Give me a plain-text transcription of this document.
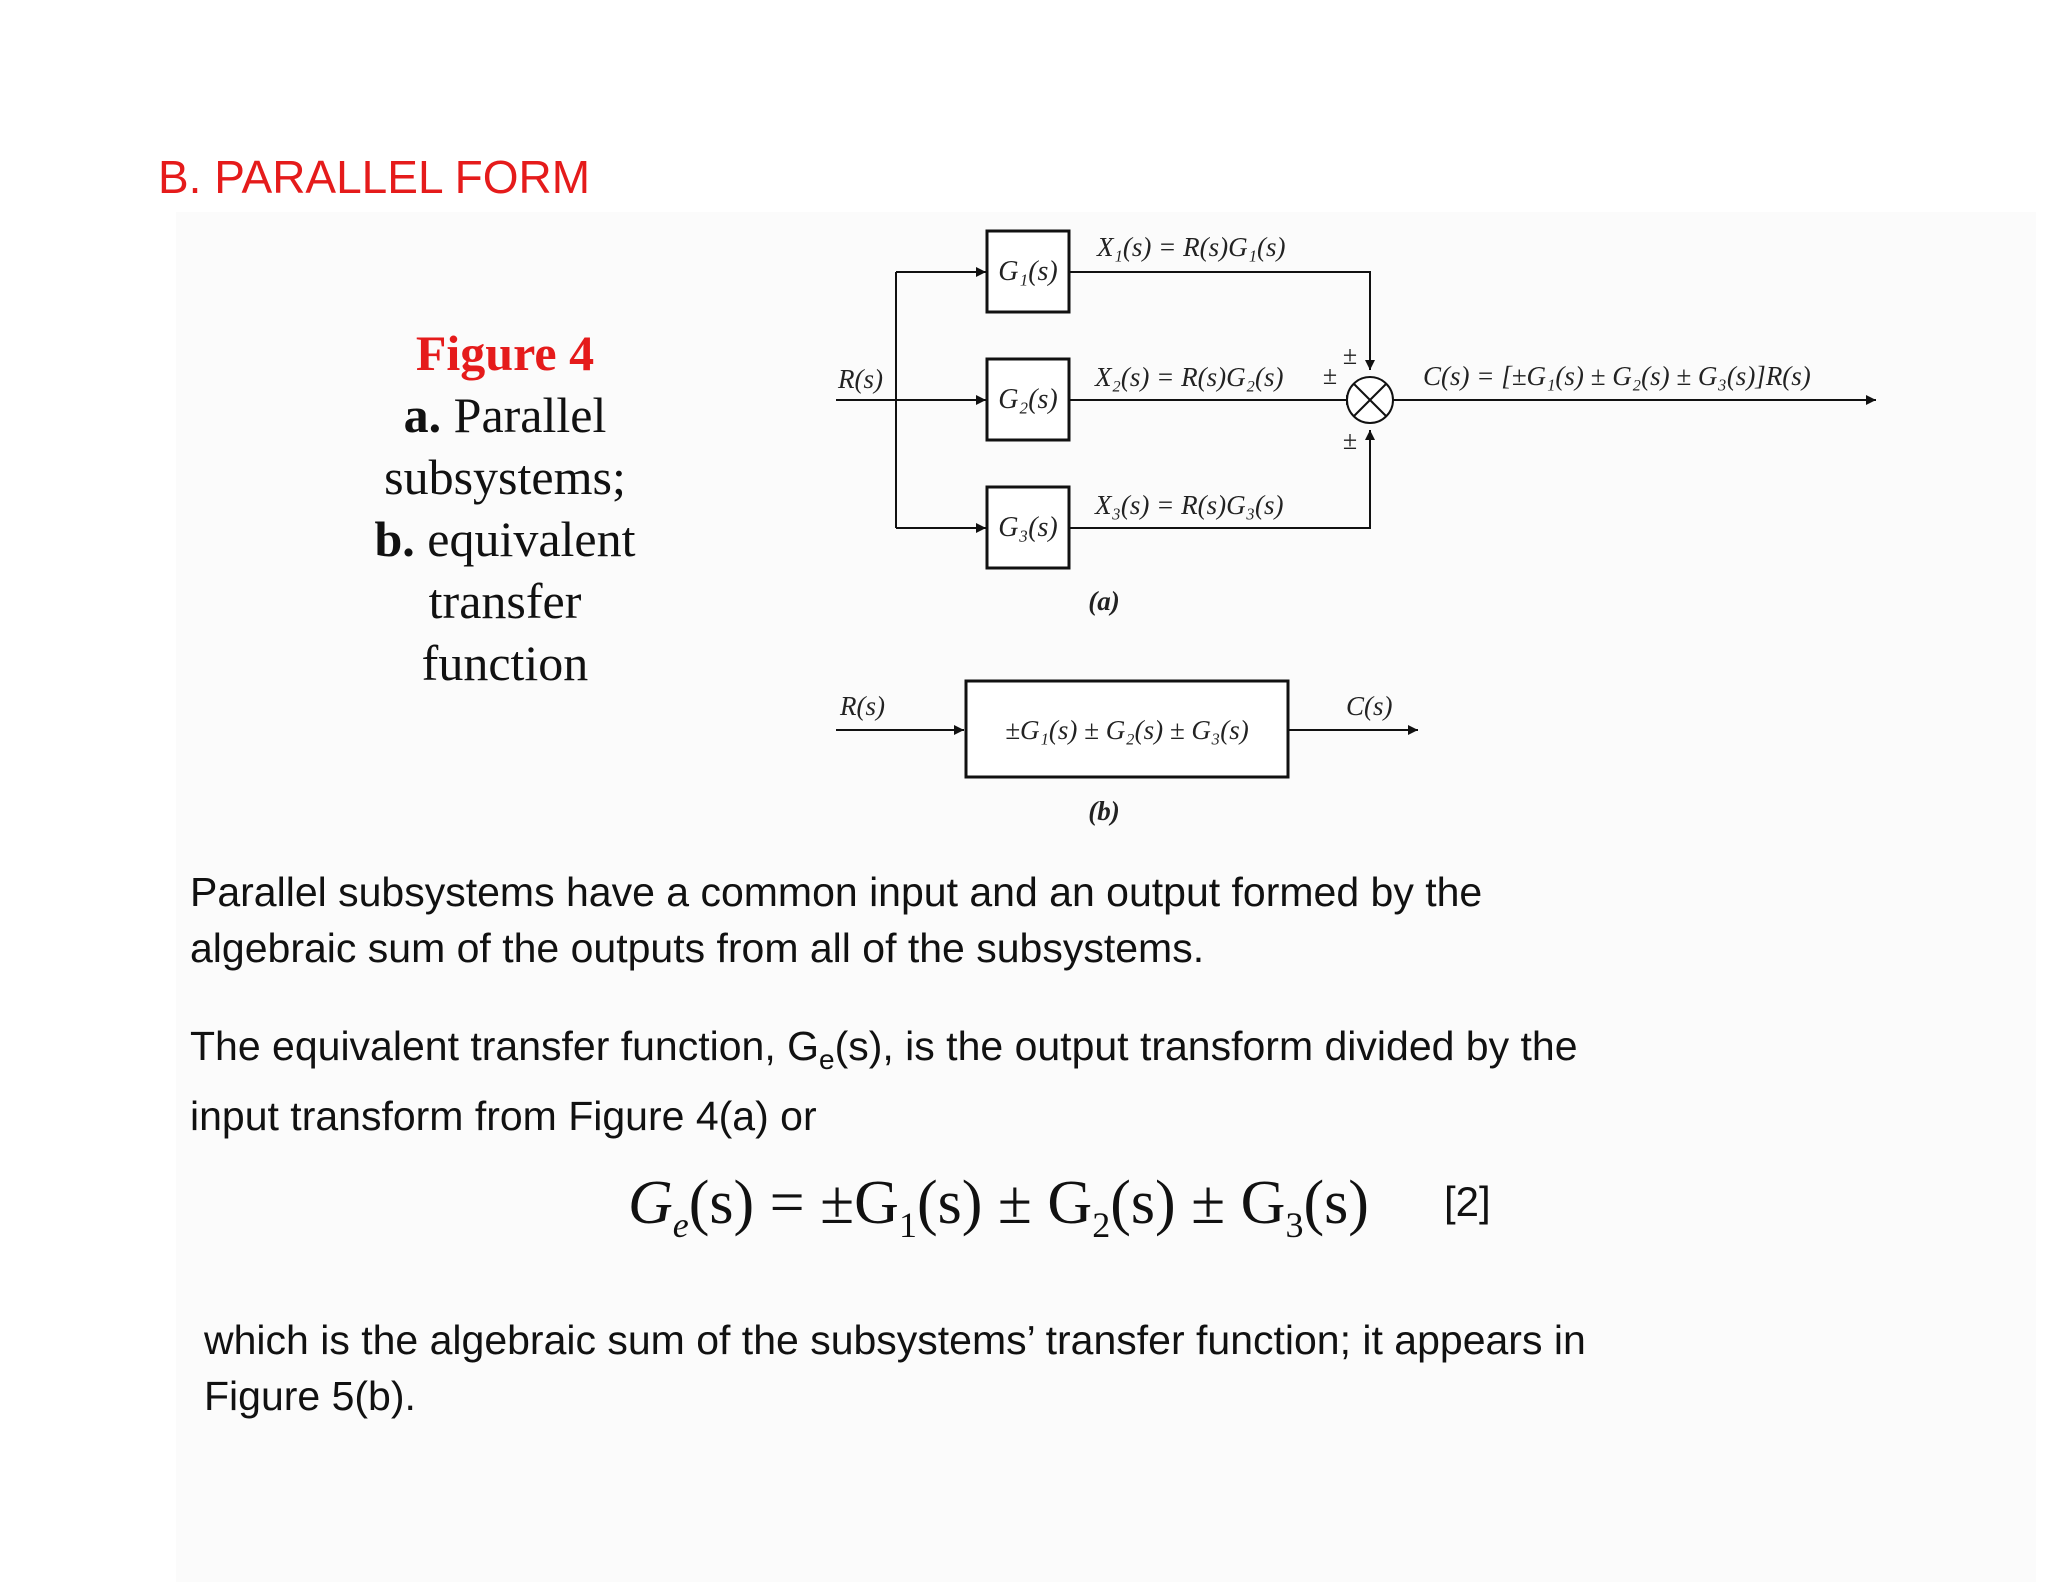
B. PARALLEL FORM
Figure 4
a. Parallel
subsystems;
b. equivalent
transfer
function
G₁(s)
G₂(s)
G₃(s)
±
±
±
R(s)
X₁(s) = R(s)G₁(s)
X₂(s) = R(s)G₂(s)
X₃(s) = R(s)G₃(s)
C(s) = [±G₁(s) ± G₂(s) ± G₃(s)]R(s)
(a)
±G₁(s) ± G₂(s) ± G₃(s)
R(s)	C(s)
(b)

Parallel subsystems have a common input and an output formed by the
algebraic sum of the outputs from all of the subsystems.

The equivalent transfer function, $G_e(s)$, is the output transform divided by the
input transform from Figure 4(a) or

$G_e(s) = \pm G_1(s) \pm G_2(s) \pm G_3(s)$ [2]

which is the algebraic sum of the subsystems’ transfer function; it appears in
Figure 5(b).
